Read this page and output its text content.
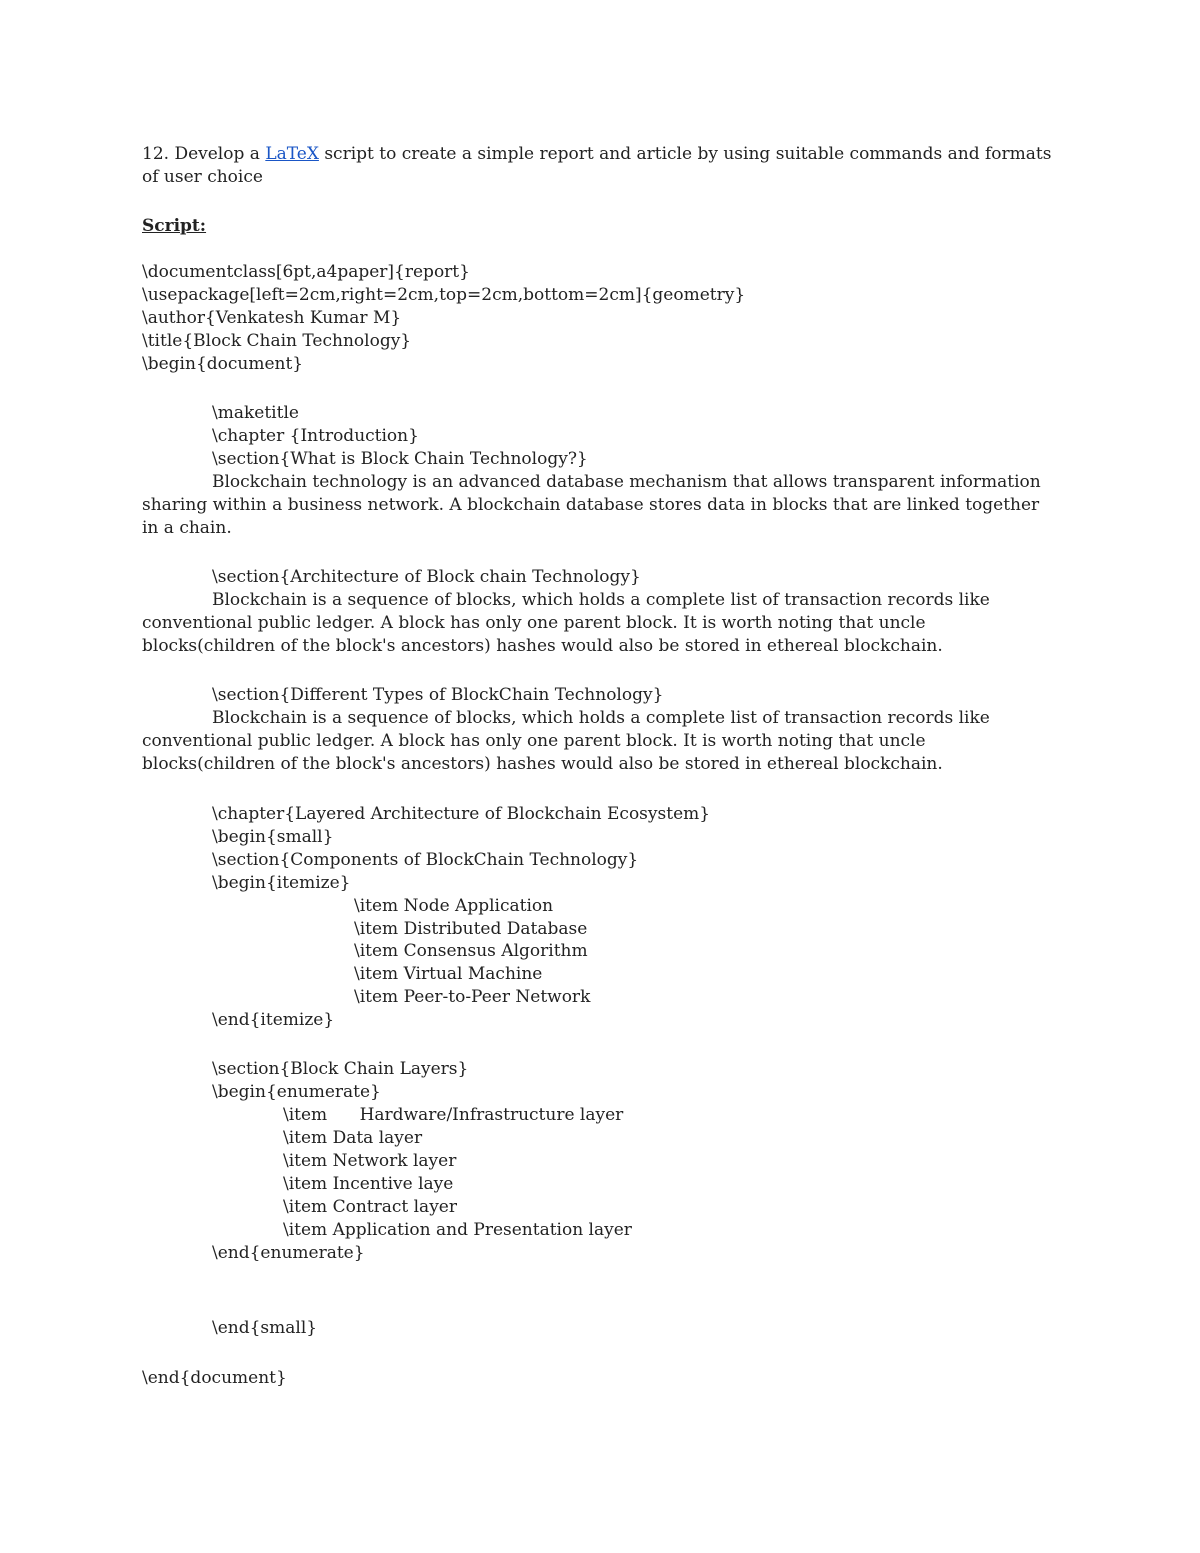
12. Develop a LaTeX script to create a simple report and article by using suitable commands and formats of user choice
Script:
\documentclass[6pt,a4paper]{report}
\usepackage[left=2cm,right=2cm,top=2cm,bottom=2cm]{geometry}
\author{Venkatesh Kumar M}
\title{Block Chain Technology}
\begin{document}
\maketitle
\chapter {Introduction}
\section{What is Block Chain Technology?}
Blockchain technology is an advanced database mechanism that allows transparent information sharing within a business network. A blockchain database stores data in blocks that are linked together in a chain.
\section{Architecture of Block chain Technology}
Blockchain is a sequence of blocks, which holds a complete list of transaction records like conventional public ledger. A block has only one parent block. It is worth noting that uncle blocks(children of the block's ancestors) hashes would also be stored in ethereal blockchain.
\section{Different Types of BlockChain Technology}
Blockchain is a sequence of blocks, which holds a complete list of transaction records like conventional public ledger. A block has only one parent block. It is worth noting that uncle blocks(children of the block's ancestors) hashes would also be stored in ethereal blockchain.
\chapter{Layered Architecture of Blockchain Ecosystem}
\begin{small}
\section{Components of BlockChain Technology}
\begin{itemize}
\item Node Application
\item Distributed Database
\item Consensus Algorithm
\item Virtual Machine
\item Peer-to-Peer Network
\end{itemize}
\section{Block Chain Layers}
\begin{enumerate}
\item      Hardware/Infrastructure layer
\item Data layer
\item Network layer
\item Incentive laye
\item Contract layer
\item Application and Presentation layer
\end{enumerate}
\end{small}
\end{document}
